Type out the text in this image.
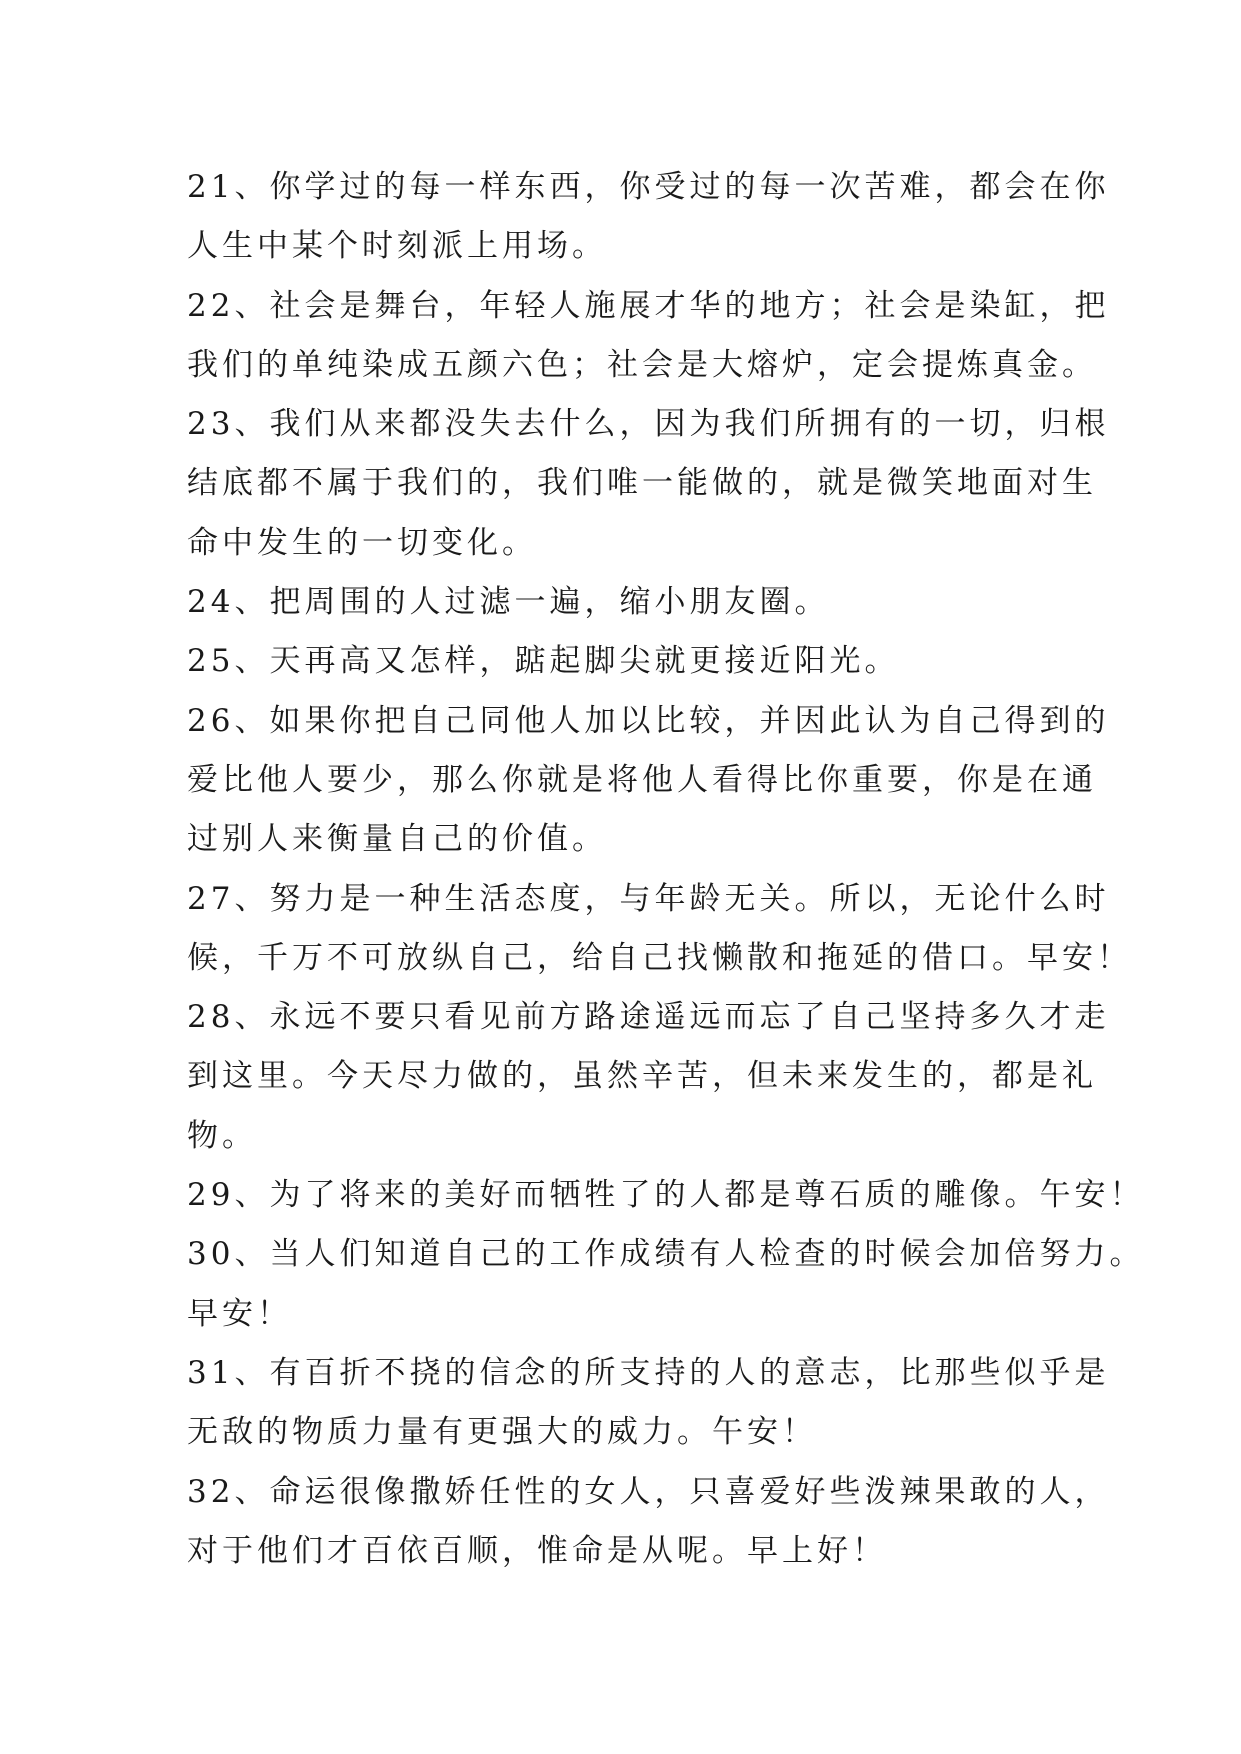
21、你学过的每一样东西，你受过的每一次苦难，都会在你
人生中某个时刻派上用场。
22、社会是舞台，年轻人施展才华的地方；社会是染缸，把
我们的单纯染成五颜六色；社会是大熔炉，定会提炼真金。
23、我们从来都没失去什么，因为我们所拥有的一切，归根
结底都不属于我们的，我们唯一能做的，就是微笑地面对生
命中发生的一切变化。
24、把周围的人过滤一遍，缩小朋友圈。
25、天再高又怎样，踮起脚尖就更接近阳光。
26、如果你把自己同他人加以比较，并因此认为自己得到的
爱比他人要少，那么你就是将他人看得比你重要，你是在通
过别人来衡量自己的价值。
27、努力是一种生活态度，与年龄无关。所以，无论什么时
候，千万不可放纵自己，给自己找懒散和拖延的借口。早安！
28、永远不要只看见前方路途遥远而忘了自己坚持多久才走
到这里。今天尽力做的，虽然辛苦，但未来发生的，都是礼
物。
29、为了将来的美好而牺牲了的人都是尊石质的雕像。午安！
30、当人们知道自己的工作成绩有人检查的时候会加倍努力。
早安！
31、有百折不挠的信念的所支持的人的意志，比那些似乎是
无敌的物质力量有更强大的威力。午安！
32、命运很像撒娇任性的女人，只喜爱好些泼辣果敢的人，
对于他们才百依百顺，惟命是从呢。早上好！
